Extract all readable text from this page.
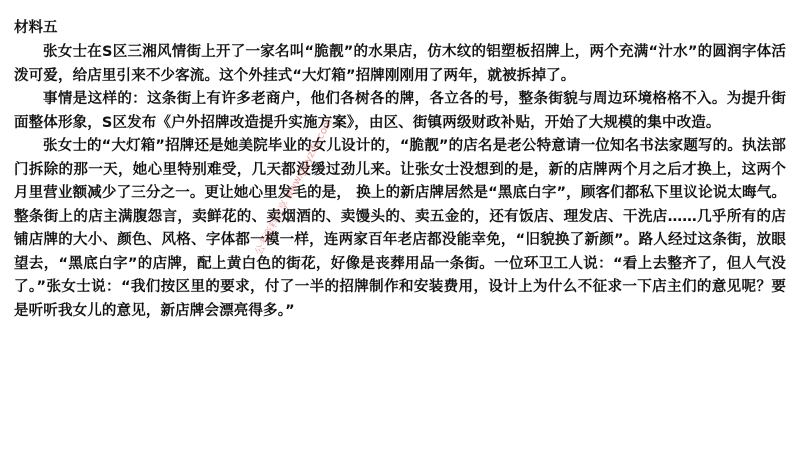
材料五

张女士在S区三湘风情街上开了一家名叫“脆靓”的水果店，仿木纹的铝塑板招牌上，两个充满“汁水”的圆润字体活泼可爱，给店里引来不少客流。这个外挂式“大灯箱”招牌刚刚用了两年，就被拆掉了。

事情是这样的：这条街上有许多老商户，他们各树各的牌，各立各的号，整条街貌与周边环境格格不入。为提升街面整体形象，S区发布《户外招牌改造提升实施方案》，由区、街镇两级财政补贴，开始了大规模的集中改造。

张女士的“大灯箱”招牌还是她美院毕业的女儿设计的，“脆靓”的店名是老公特意请一位知名书法家题写的。执法部门拆除的那一天，她心里特别难受，几天都没缓过劲儿来。让张女士没想到的是，新的店牌两个月之后才换上，这两个月里营业额减少了三分之一。更让她心里发毛的是， 换上的新店牌居然是“黑底白字”，顾客们都私下里议论说太晦气。整条街上的店主满腹怨言，卖鲜花的、卖烟酒的、卖馒头的、卖五金的，还有饭店、理发店、干洗店……几乎所有的店铺店牌的大小、颜色、风格、字体都一模一样，连两家百年老店都没能幸免，“旧貌换了新颜”。路人经过这条街，放眼望去，“黑底白字”的店牌，配上黄白色的街花，好像是丧葬用品一条街。一位环卫工人说：“看上去整齐了，但人气没了。”张女士说：“我们按区里的要求，付了一半的招牌制作和安装费用，设计上为什么不征求一下店主们的意见呢？要是听听我女儿的意见，新店牌会漂亮得多。”

公考资料分享 www.gwyzlfx.com
